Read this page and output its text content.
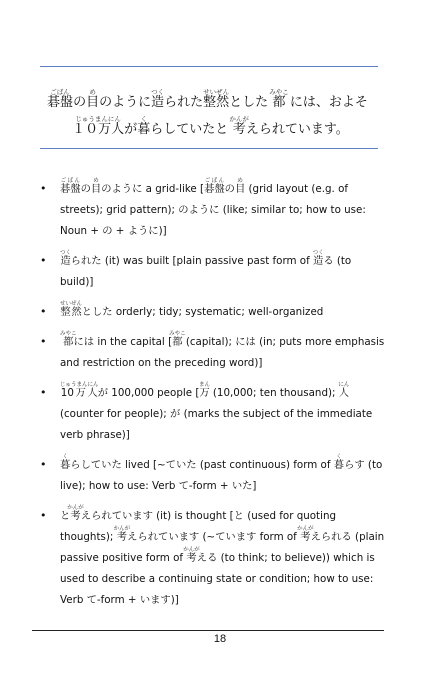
碁盤ごばんの目めのように造つくられた整然せいぜんとした 都みやこ には、およそ１０万人じゅうまんにんが暮くらしていたと 考かんがえられています。
• 碁盤ごばんの目めのように a grid-like [碁盤ごばんの目め (grid layout (e.g. of streets); grid pattern); のように (like; similar to; how to use: Noun + の + ように)]
• 造つくられた (it) was built [plain passive past form of 造つくる (to build)]
• 整然せいぜんとした orderly; tidy; systematic; well-organized
• 都みやこには in the capital [都みやこ (capital); には (in; puts more emphasis and restriction on the preceding word)]
• 10万人じゅうまんにんが 100,000 people [万まん (10,000; ten thousand); 人にん (counter for people); が (marks the subject of the immediate verb phrase)]
• 暮くらしていた lived [~ていた (past continuous) form of 暮くらす (to live); how to use: Verb て-form + いた]
• と考かんがえられています (it) is thought [と (used for quoting thoughts); 考かんがえられています (~ています form of 考かんがえられる (plain passive positive form of 考かんがえる (to think; to believe)) which is used to describe a continuing state or condition; how to use: Verb て-form + います)]
18
